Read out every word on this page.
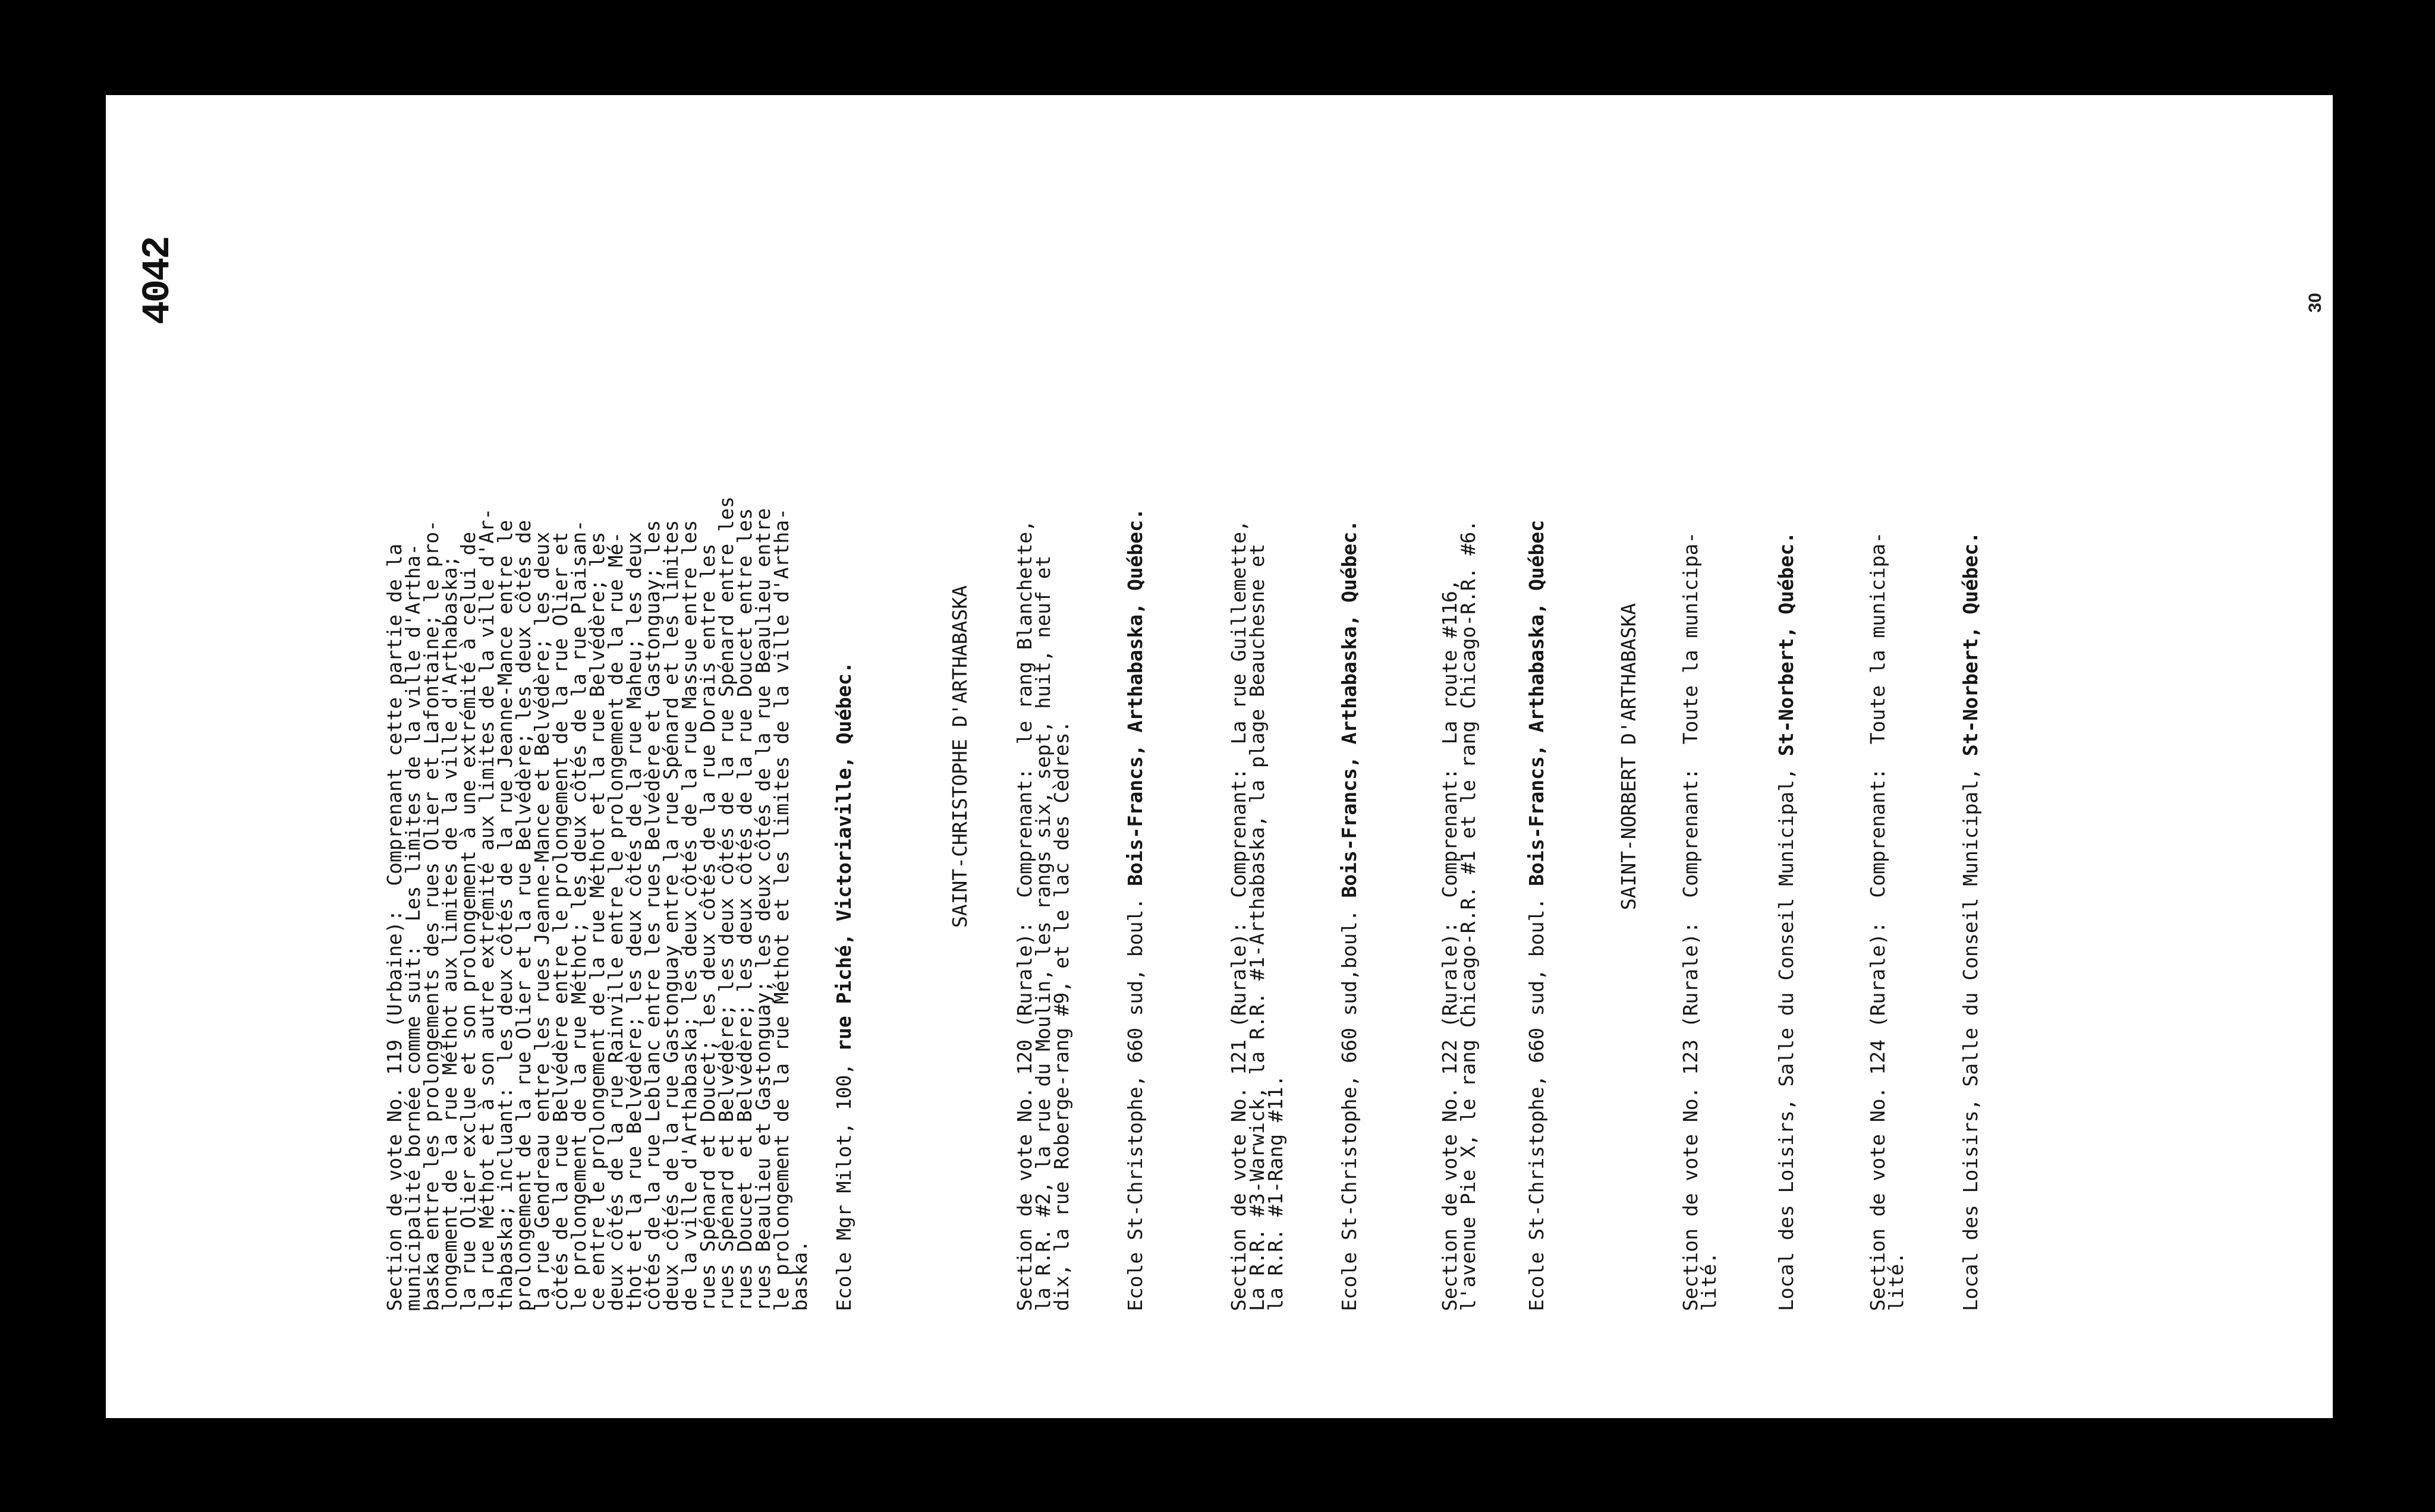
4042
Section de vote No. 119 (Urbaine):  Comprenant cette partie de la
municipalité bornée comme suit:  Les limites de la ville d'Artha-
baska entre les prolongements des rues Olier et Lafontaine; le pro-
longement de la rue Méthot aux limites de la ville d'Arthabaska;
la rue Olier exclue et son prolongement à une extrémité à celui de
la rue Méthot et à son autre extrémité aux limites de la ville d'Ar-
thabaska; incluant:  les deux côtés de la rue Jeanne-Mance entre le
prolongement de la rue Olier et la rue Belvédère; les deux côtés de
la rue Gendreau entre les rues Jeanne-Mance et Belvédère; les deux
côtés de la rue Belvédère entre le prolongement de la rue Olier et
le prolongement de la rue Méthot; les deux côtés de la rue Plaisan-
ce entre le prolongement de la rue Méthot et la rue Belvédère; les
deux côtés de la rue Rainville entre le prolongement de la rue Mé-
thot et la rue Belvédère; les deux côtés de la rue Maheu; les deux
côtés de la rue Leblanc entre les rues Belvédère et Gastonguay; les
deux côtés de la rue Gastonguay entre la rue Spénard et les limites
de la ville d'Arthabaska; les deux côtés de la rue Massue entre les
rues Spénard et Doucet; les deux côtés de la rue Dorais entre les
rues Spénard et Belvédère; les deux côtés de la rue Spénard entre les
rues Doucet  et Belvédère; les deux côtés de la rue Doucet entre les
rues Beaulieu et Gastonguay; les deux côtés de la rue Beaulieu entre
le prolongement de la rue Méthot et les limites de la ville d'Artha-
baska. Ecole Mgr Milot, 100, rue Piché, Victoriaville, Québec.	SAINT-CHRISTOPHE D'ARTHABASKA Section de vote No. 120 (Rurale):  Comprenant:  le rang Blanchette,
la R.R. #2, la rue du Moulin, les rangs six, sept, huit, neuf et
dix, la rue Roberge-rang #9, et le lac des Cèdres.	Ecole St-Christophe, 660 sud, boul. Bois-Francs, Arthabaska, Québec.	Section de vote No. 121 (Rurale):  Comprenant:  La rue Guillemette,
La R.R. #3-Warwick, la R.R. #1-Arthabaska, la plage Beauchesne et
la R.R. #1-Rang #11.	Ecole St-Christophe, 660 sud,boul. Bois-Francs, Arthabaska, Québec.	Section de vote No. 122 (Rurale):  Comprenant:  La route #116,
l'avenue Pie X, le rang Chicago-R.R. #1 et le rang Chicago-R.R. #6. Ecole St-Christophe, 660 sud, boul. Bois-Francs, Arthabaska, Québec	SAINT-NORBERT D'ARTHABASKA Section de vote No. 123 (Rurale):  Comprenant:  Toute la municipa-
lité.	Local des Loisirs, Salle du Conseil Municipal, St-Norbert, Québec.	Section de vote No. 124 (Rurale):  Comprenant:  Toute la municipa-
lité.	Local des Loisirs, Salle du Conseil Municipal, St-Norbert, Québec.
30
